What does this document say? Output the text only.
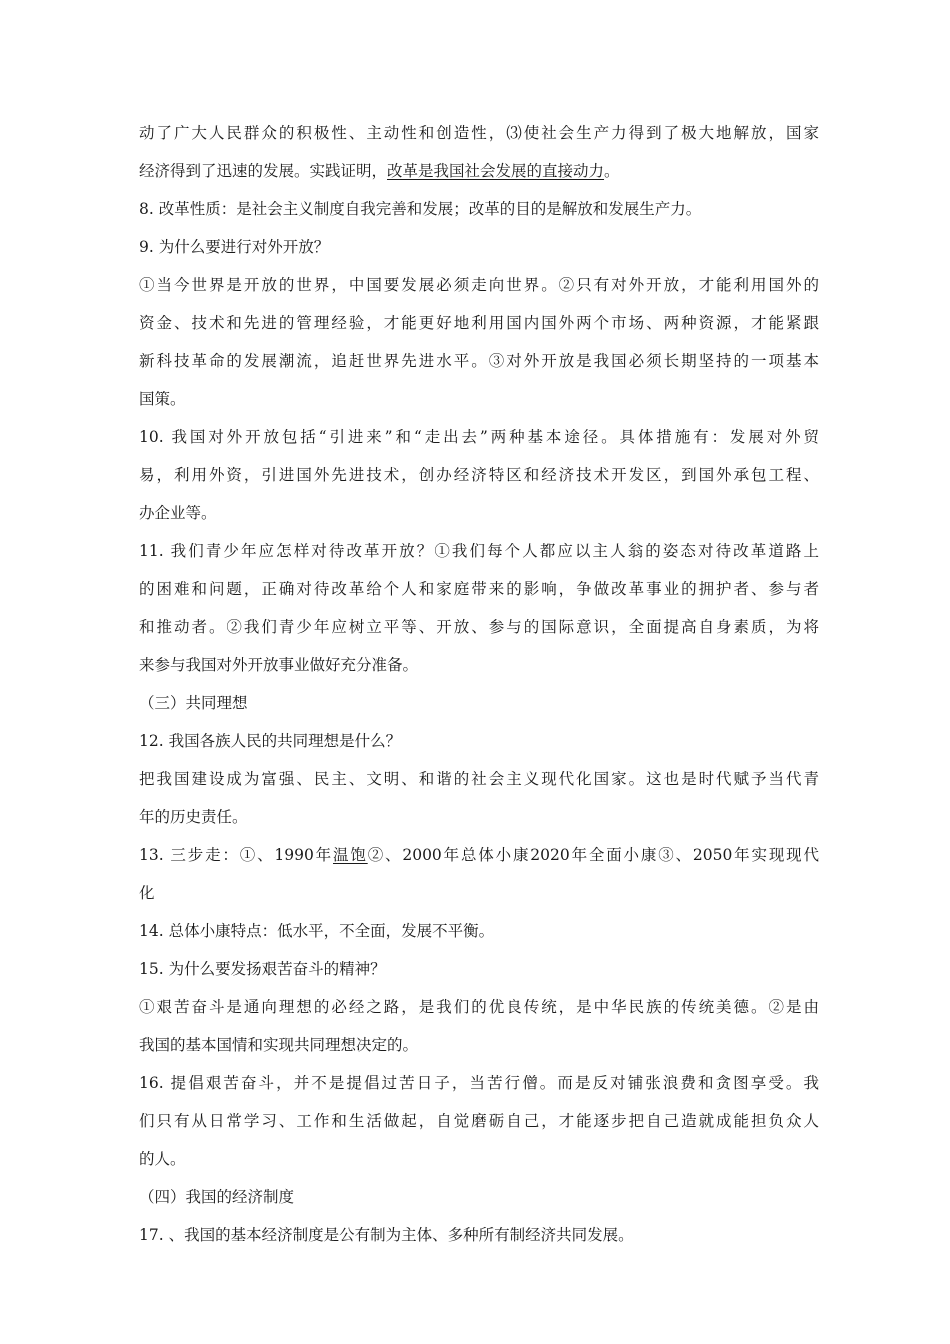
动了广大人民群众的积极性、主动性和创造性，⑶使社会生产力得到了极大地解放，国家
经济得到了迅速的发展。实践证明，改革是我国社会发展的直接动力。
8. 改革性质：是社会主义制度自我完善和发展；改革的目的是解放和发展生产力。
9. 为什么要进行对外开放？
①当今世界是开放的世界，中国要发展必须走向世界。②只有对外开放，才能利用国外的
资金、技术和先进的管理经验，才能更好地利用国内国外两个市场、两种资源，才能紧跟
新科技革命的发展潮流，追赶世界先进水平。③对外开放是我国必须长期坚持的一项基本
国策。
10. 我国对外开放包括“引进来”和“走出去”两种基本途径。具体措施有：发展对外贸
易，利用外资，引进国外先进技术，创办经济特区和经济技术开发区，到国外承包工程、
办企业等。
11. 我们青少年应怎样对待改革开放？①我们每个人都应以主人翁的姿态对待改革道路上
的困难和问题，正确对待改革给个人和家庭带来的影响，争做改革事业的拥护者、参与者
和推动者。②我们青少年应树立平等、开放、参与的国际意识，全面提高自身素质，为将
来参与我国对外开放事业做好充分准备。
（三）共同理想
12. 我国各族人民的共同理想是什么？
把我国建设成为富强、民主、文明、和谐的社会主义现代化国家。这也是时代赋予当代青
年的历史责任。
13. 三步走：①、1990年温饱②、2000年总体小康2020年全面小康③、2050年实现现代
化
14. 总体小康特点：低水平，不全面，发展不平衡。
15. 为什么要发扬艰苦奋斗的精神？
①艰苦奋斗是通向理想的必经之路，是我们的优良传统，是中华民族的传统美德。②是由
我国的基本国情和实现共同理想决定的。
16. 提倡艰苦奋斗，并不是提倡过苦日子，当苦行僧。而是反对铺张浪费和贪图享受。我
们只有从日常学习、工作和生活做起，自觉磨砺自己，才能逐步把自己造就成能担负众人
的人。
（四）我国的经济制度
17. 、我国的基本经济制度是公有制为主体、多种所有制经济共同发展。
